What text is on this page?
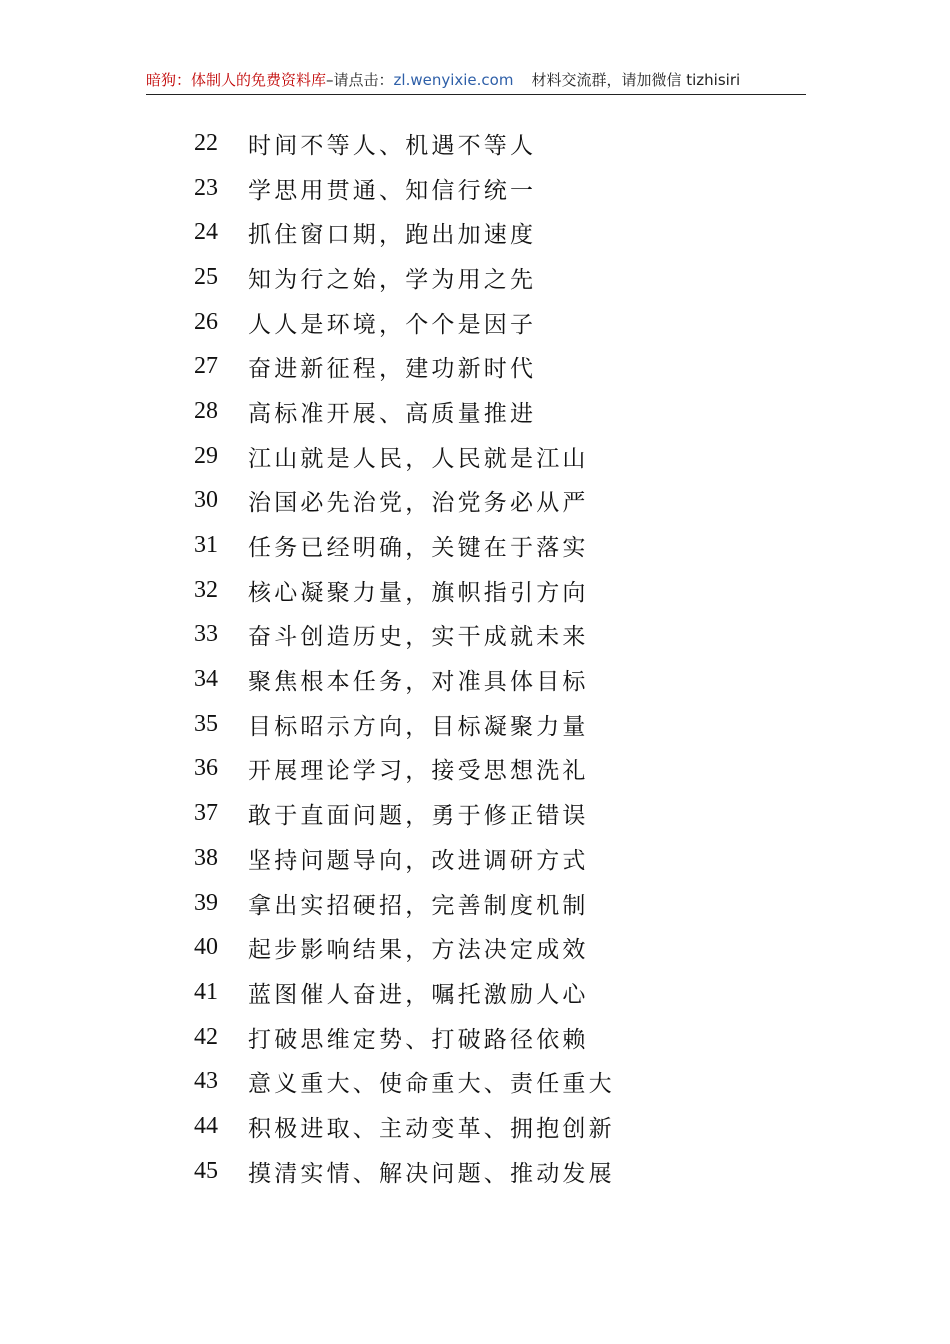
暗狗：体制人的免费资料库–请点击：zl.wenyixie.com 材料交流群，请加微信 tizhisiri
22	时间不等人、机遇不等人
23	学思用贯通、知信行统一
24	抓住窗口期，跑出加速度
25	知为行之始，学为用之先
26	人人是环境，个个是因子
27	奋进新征程，建功新时代
28	高标准开展、高质量推进
29	江山就是人民，人民就是江山
30	治国必先治党，治党务必从严
31	任务已经明确，关键在于落实
32	核心凝聚力量，旗帜指引方向
33	奋斗创造历史，实干成就未来
34	聚焦根本任务，对准具体目标
35	目标昭示方向，目标凝聚力量
36	开展理论学习，接受思想洗礼
37	敢于直面问题，勇于修正错误
38	坚持问题导向，改进调研方式
39	拿出实招硬招，完善制度机制
40	起步影响结果，方法决定成效
41	蓝图催人奋进，嘱托激励人心
42	打破思维定势、打破路径依赖
43	意义重大、使命重大、责任重大
44	积极进取、主动变革、拥抱创新
45	摸清实情、解决问题、推动发展
